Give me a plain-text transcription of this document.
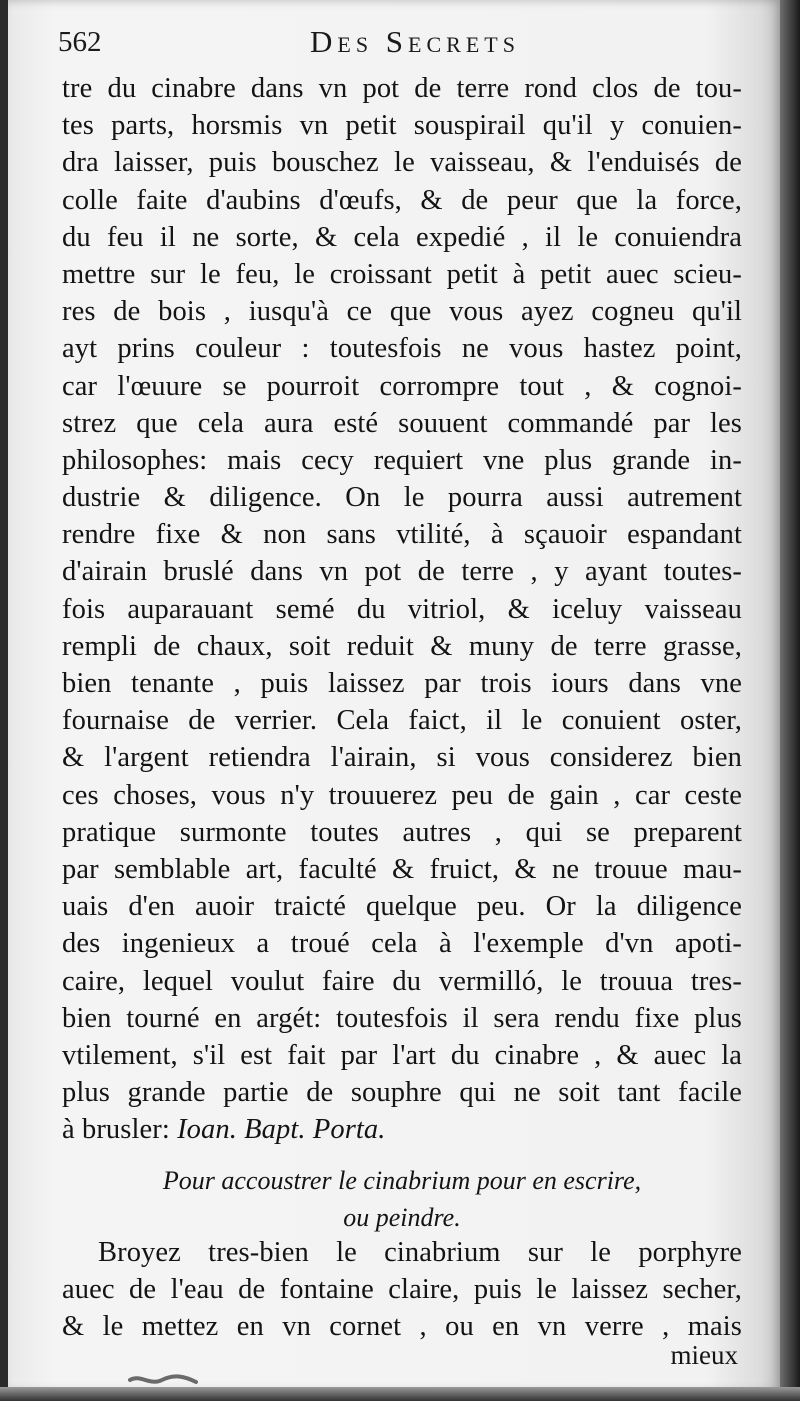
562	Des Secrets
tre du cinabre dans vn pot de terre rond clos de tou-
tes parts, horsmis vn petit souspirail qu'il y conuien-
dra laisser, puis bouschez le vaisseau, & l'enduisés de
colle faite d'aubins d'œufs, & de peur que la force,
du feu il ne sorte, & cela expedié , il le conuiendra
mettre sur le feu, le croissant petit à petit auec scieu-
res de bois , iusqu'à ce que vous ayez cogneu qu'il
ayt prins couleur : toutesfois ne vous hastez point,
car l'œuure se pourroit corrompre tout , & cognoi-
strez que cela aura esté souuent commandé par les
philosophes: mais cecy requiert vne plus grande in-
dustrie & diligence. On le pourra aussi autrement
rendre fixe & non sans vtilité, à sçauoir espandant
d'airain bruslé dans vn pot de terre , y ayant toutes-
fois auparauant semé du vitriol, & iceluy vaisseau
rempli de chaux, soit reduit & muny de terre grasse,
bien tenante , puis laissez par trois iours dans vne
fournaise de verrier. Cela faict, il le conuient oster,
& l'argent retiendra l'airain, si vous considerez bien
ces choses, vous n'y trouuerez peu de gain , car ceste
pratique surmonte toutes autres , qui se preparent
par semblable art, faculté & fruict, & ne trouue mau-
uais d'en auoir traicté quelque peu. Or la diligence
des ingenieux a troué cela à l'exemple d'vn apoti-
caire, lequel voulut faire du vermilló, le trouua tres-
bien tourné en argét: toutesfois il sera rendu fixe plus
vtilement, s'il est fait par l'art du cinabre , & auec la
plus grande partie de souphre qui ne soit tant facile
à brusler: Ioan. Bapt. Porta.
Pour accoustrer le cinabrium pour en escrire,
ou peindre.
Broyez tres-bien le cinabrium sur le porphyre
auec de l'eau de fontaine claire, puis le laissez secher,
& le mettez en vn cornet , ou en vn verre , mais
mieux
